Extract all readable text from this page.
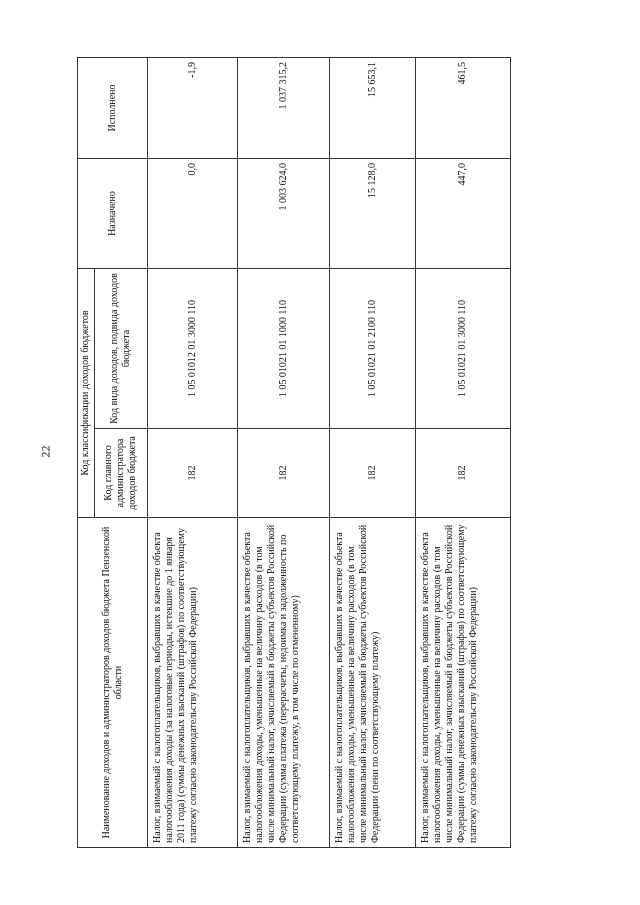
22
Наименование доходов и администраторов доходов бюджета Пензенской области	Код классификации доходов бюджетов		Назначено	Исполнено
	Код главного администратора доходов бюджета	Код вида доходов, подвида доходов бюджета		
Налог, взимаемый с налогоплательщиков, выбравших в качестве объекта налогообложения доходы (за налоговые периоды, истекшие до 1 января 2011 года) (суммы денежных взысканий (штрафов) по соответствующему платежу согласно законодательству Российской Федерации)	182	1 05 01012 01 3000 110	0,0	-1,9
Налог, взимаемый с налогоплательщиков, выбравших в качестве объекта налогообложения доходы, уменьшенные на величину расходов (в том числе минимальный налог, зачисляемый в бюджеты субъектов Российской Федерации (сумма платежа (перерасчеты, недоимка и задолженность по соответствующему платежу, в том числе по отмененному)	182	1 05 01021 01 1000 110	1 003 624,0	1 037 315,2
Налог, взимаемый с налогоплательщиков, выбравших в качестве объекта налогообложения доходы, уменьшенные на величину расходов (в том числе минимальный налог, зачисляемый в бюджеты субъектов Российской Федерации (пени по соответствующему платежу)	182	1 05 01021 01 2100 110	15 128,0	15 653,1
Налог, взимаемый с налогоплательщиков, выбравших в качестве объекта налогообложения доходы, уменьшенные на величину расходов (в том числе минимальный налог, зачисляемый в бюджеты субъектов Российской Федерации (суммы денежных взысканий (штрафов) по соответствующему платежу согласно законодательству Российской Федерации)	182	1 05 01021 01 3000 110	447,0	461,5
